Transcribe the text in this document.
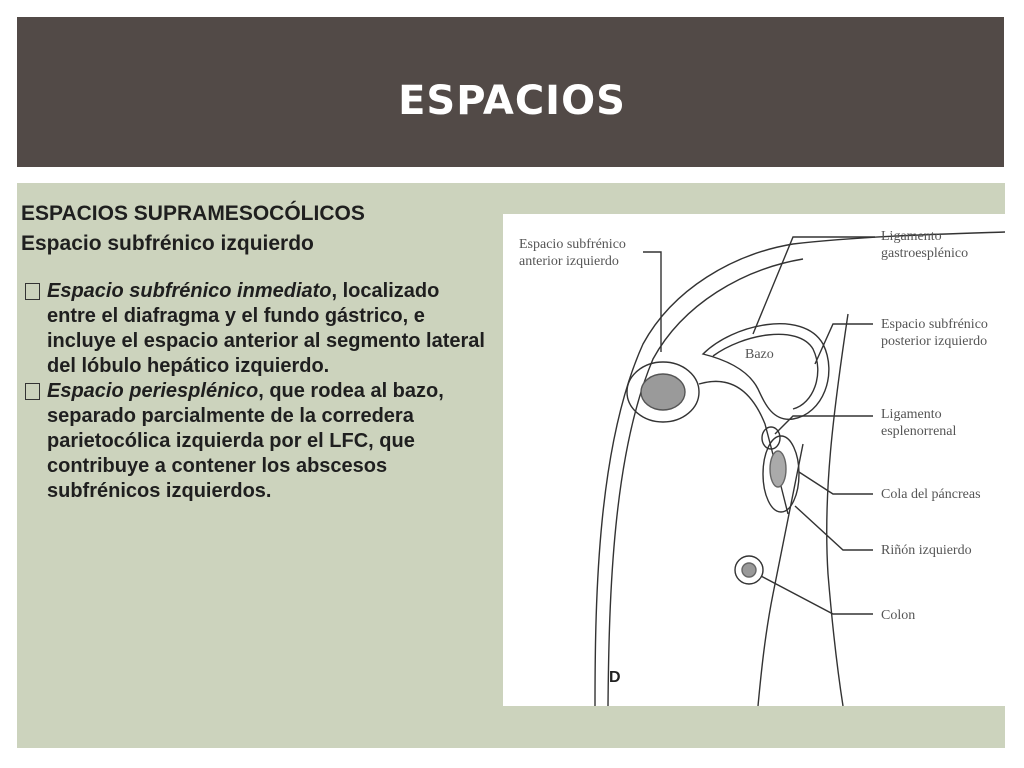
ESPACIOS
ESPACIOS SUPRAMESOCÓLICOS
Espacio subfrénico izquierdo
Espacio subfrénico inmediato, localizado entre el diafragma y el fundo gástrico, e incluye el espacio anterior al segmento lateral del lóbulo hepático izquierdo.
Espacio periesplénico, que rodea al bazo, separado parcialmente de la corredera parietocólica izquierda por el LFC, que contribuye a contener los abscesos subfrénicos izquierdos.
Espacio subfrénico
anterior izquierdo
Bazo
Ligamento
gastroesplénico
Espacio subfrénico
posterior izquierdo
Ligamento
esplenorrenal
Cola del páncreas
Riñón izquierdo
Colon
D
